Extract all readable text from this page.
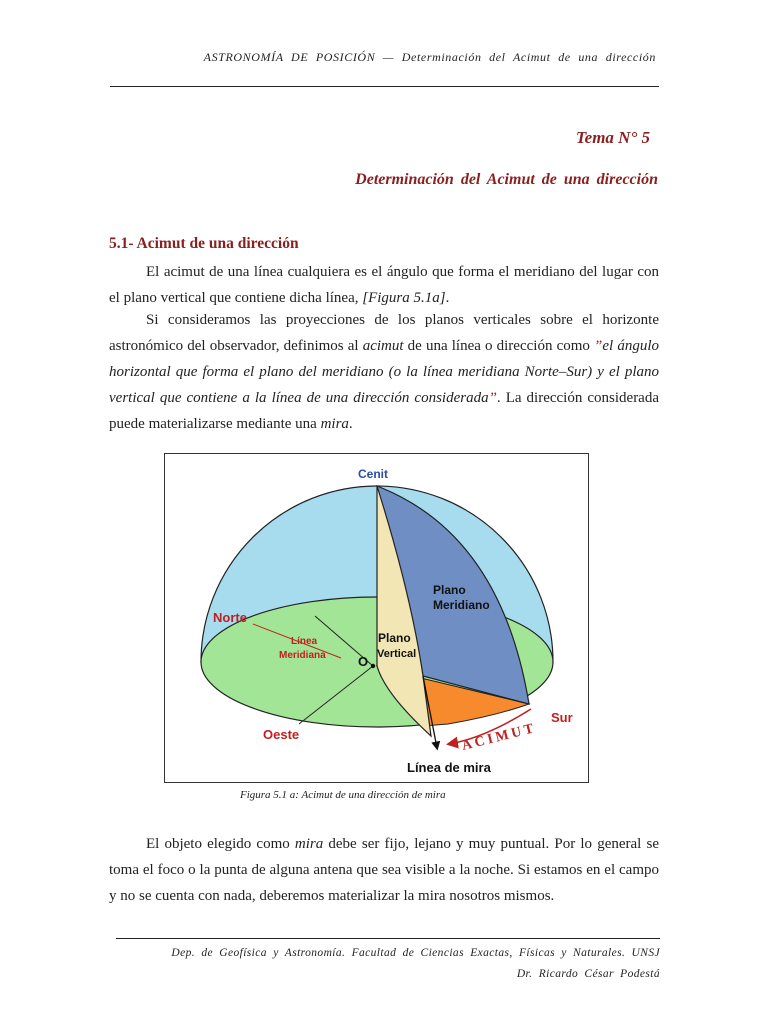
ASTRONOMÍA DE POSICIÓN — Determinación del Acimut de una dirección
Tema N° 5
Determinación del Acimut de una dirección
5.1- Acimut de una dirección
El acimut de una línea cualquiera es el ángulo que forma el meridiano del lugar con el plano vertical que contiene dicha línea, [Figura 5.1a].
Si consideramos las proyecciones de los planos verticales sobre el horizonte astronómico del observador, definimos al acimut de una línea o dirección como ”el ángulo horizontal que forma el plano del meridiano (o la línea meridiana Norte–Sur) y el plano vertical que contiene a la línea de una dirección considerada”. La dirección considerada puede materializarse mediante una mira.
Cenit
Norte
Línea
Meridiana O
Plano
Vertical
Plano
Meridiano
Sur
Oeste	ACIMUT
Línea de mira
Figura 5.1 a: Acimut de una dirección de mira
El objeto elegido como mira debe ser fijo, lejano y muy puntual. Por lo general se toma el foco o la punta de alguna antena que sea visible a la noche. Si estamos en el campo y no se cuenta con nada, deberemos materializar la mira nosotros mismos.
Dep. de Geofísica y Astronomía. Facultad de Ciencias Exactas, Físicas y Naturales. UNSJ
Dr. Ricardo César Podestá
